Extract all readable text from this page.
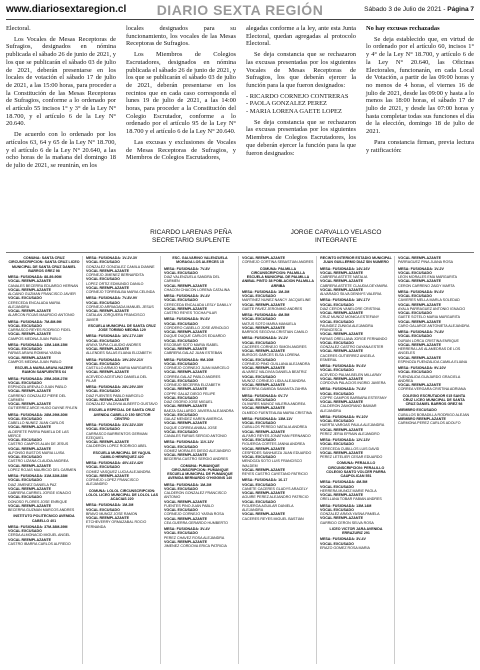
www.diariosextaregion.cl	DIARIO SEXTA REGIÓN	Sábado 3 de Julio de 2021 - Página 7

Electoral.

Los Vocales de Mesas Receptoras de Sufragios, designados en nómina publicada el sábado 26 de junio de 2021, y los que se publicarán el sábado 03 de julio de 2021, deberán presentarse en los locales de votación el sábado 17 de julio de 2021, a las 15:00 horas, para proceder a la Constitución de las Mesas Receptoras de Sufragios, conforme a lo ordenado por el artículo 55 incisos 1° y 3° de la Ley N° 18.700, y el artículo 6 de la Ley N° 20.640.

De acuerdo con lo ordenado por los artículos 63, 64 y 65 de la Ley N° 18.700, y el artículo 6 de la Ley N° 20.640, a las ocho horas de la mañana del domingo 18 de julio de 2021, se reunirán, en los

locales designados para su funcionamiento, los vocales de las Mesas Receptoras de Sufragios.

Los Miembros de Colegios Escrutadores, designados en nómina publicada el sábado 26 de junio de 2021, y los que se publicarán el sábado 03 de julio de 2021, deberán presentarse en los recintos que en cada caso corresponda el lunes 19 de julio de 2021, a las 14:00 horas, para proceder a la Constitución del Colegio Escrutador, conforme a lo ordenado por el artículo 95 de la Ley N° 18.700 y el artículo 6 de la Ley N° 20.640.

Las excusas y exclusiones de Vocales de Mesas Receptoras de Sufragios, y Miembros de Colegios Escrutadores,

alegadas conforme a la ley, ante esta Junta Electoral, quedan agregadas al protocolo Electoral.

Se deja constancia que se rechazaron las excusas presentadas por los siguientes Vocales de Mesas Receptoras de Sufragios, los que deberán ejercer la función para la que fueron designados:

- RICARDO CORNEJO CONTRERAS
- PAOLA GONZALEZ PEREZ
- MARIA LORENA GAETE LOPEZ

Se deja constancia que se rechazaron las excusas presentadas por los siguientes Miembros de Colegios Escrutadores, los que deberán ejercer la función para la que fueron designados:

No hay excusas rechazadas

Se deja establecido que, en virtud de lo ordenado por el artículo 60, incisos 1° y 4° de la Ley N° 18.700, y artículo 6 de la Ley N° 20.640, las Oficinas Electorales, funcionarán, en cada Local de Votación, a partir de las 09:00 horas y no menos de 4 horas, el viernes 16 de julio de 2021, desde las 09:00 y hasta a lo menos las 18:00 horas, el sábado 17 de julio de 2021, y desde las 07:00 horas y hasta completar todas sus funciones el día de la elección, domingo 18 de julio de 2021.

Para constancia firman, previa lectura y ratificación:

RICARDO LARENAS PEÑA
SECRETARIO SUPLENTE
JORGE CARVALLO VELASCO
INTEGRANTE
COMUNA: SANTA CRUZ CIRCUNSCRIPCION: SANTA CRUZ LICEO MUNICIPAL DE SANTA CRUZ DANIEL BARROS GREZ 98
MESA: FUSIONADA: 88-89-90M
VOCAL REEMPLAZANTE
CANALES BECERRA EDUARDO HERNAN
VOCAL REEMPLAZANTE
ALCAINO GUZMAN FRANCISCO JAVIER
VOCAL EXCUSADO
CERECEDA ENCALADA MARIA ALEJANDRA
VOCAL REEMPLAZANTE
ALARCON ROJAS MAURICIO ANTONIO
MESA: FUSIONADA: 7M-8M-9M
VOCAL EXCUSADO
CARRASCO REYES RODRIGO FIDEL
VOCAL REEMPLAZANTE
CAMPOS MEDINA JUAN PABLO
MESA: FUSIONADA: 13M-14M-15M
VOCAL EXCUSADO
FARIAS ARAYA ROMINA YASNA
VOCAL REEMPLAZANTE
CAMPOS MEDINA JUAN PABLO
ESCUELA MARIA ARAYA NAZERE RAMON SANFUENTES 64
MESA: FUSIONADA: 25M-26M-27M
VOCAL EXCUSADO
ESPINOZA AREVALO JUAN PABLO
VOCAL REEMPLAZANTE
CARRENO GONZALEZ PIERE DEL CARMEN
VOCAL REEMPLAZANTE
GUTIERREZ ARCE HUGO DAYNE RYLEN
MESA: FUSIONADA: 28M-29M-30M
VOCAL EXCUSADO
CABELLO NUNEZ JUAN CARLOS
VOCAL REEMPLAZANTE
ALDERETE PARRA PAMELA DE LAS MERCE
VOCAL EXCUSADO
CASTRO CAMPOS ALAN DE JESUS
VOCAL REEMPLAZANTE
ALFONSO BUSTOS MARIA LUISA
VOCAL EXCUSADO
CASTRO LIZANA CLAUDIA ANDREA
VOCAL REEMPLAZANTE
LOPEZ ROJAS MAURICIO DEL CARMEN
MESA: FUSIONADA: 31M-32M-33M
VOCAL EXCUSADO
DIAZ JIMENEZ DANIELA PAZ
VOCAL REEMPLAZANTE
CABRERA CARRIEL JORGE IGNACIO
VOCAL EXCUSADO
DONOSO FLORES JOSE ENRIQUE
VOCAL REEMPLAZANTE
BECERRA GUZMAN MARCOS ANDRES
INSTITUTO POLITECNICO AVENIDA CABELLO 401
MESA: FUSIONADA: 37M-38M-39M
VOCAL EXCUSADO
CERDA ALMONACID MIGUEL ANGEL
VOCAL REEMPLAZANTE
CASTRO IBARRA CARLOS ALFREDO
MESA: FUSIONADA: 1V-2V-3V
VOCAL EXCUSADO
GONZALEZ GONZALEZ CAMILA DIANNE
VOCAL REEMPLAZANTE
CORNEJO JIMENEZ BERNARDITA
VOCAL EXCUSADO
LOPEZ ORTIZ EDMUNDO DANILO
VOCAL REEMPLAZANTE
CORNEJO TORREALBA MARIA CELINDA
MESA: FUSIONADA: 7V-8V-9V
VOCAL EXCUSADO
CORNEJO ARRIAGADA MANUEL JESUS
VOCAL REEMPLAZANTE
CATALAN JORQUERA FRANCISCO JAVIER
ESCUELA MUNICIPAL DE SANTA CRUZ JOSE TORIBIO MEDINA 129
MESA: FUSIONADA: 16V-17V-18V
VOCAL EXCUSADO
ARAYA TAPIA CLAUDIO ANDRES
VOCAL REEMPLAZANTE
ALLENDES SALAS ELIANA ELIZABETH
MESA: FUSIONADA: 19V-20V-21V
VOCAL EXCUSADO
CASTILLO ARMIJO MARIA MARGARITA
VOCAL REEMPLAZANTE
ACEVEDO ACEITUNO DANIELA DEL PILAR
MESA: FUSIONADA: 28V-29V-30V
VOCAL EXCUSADO
DIAZ FUENTES PABLO MARCELO
VOCAL REEMPLAZANTE
GONZALEZ VALDIVIA ALBERTO GUSTAVO
ESCUELA ESPECIAL DE SANTA CRUZ AVENIDA CABELLO 150 SECTOR CENTRO
MESA: FUSIONADA: 31V-32V-33V
VOCAL EXCUSADO
CARRASCO BARRIENTOS GERMAN EZEQUIEL
VOCAL REEMPLAZANTE
CALDERON LOPEZ RODRIGO ABEL
ESCUELA MUNICIPAL DE YAQUIL CAMILO HENRIQUEZ 420
MESA: FUSIONADA: 40V-41V-42V
VOCAL EXCUSADO
GOMEZ VASQUEZ LUCIA ALEJANDRA
VOCAL REEMPLAZANTE
CORNEJO LOPEZ FRANCISCO ALEJANDRO
COMUNA: LOLOL CIRCUNSCRIPCION: LOLOL LICEO MUNICIPAL DE LOLOL LAS ACACIAS 220
MESA: FUSIONADA: 1M-2M
VOCAL EXCUSADO
BRAVO MUNOZ JOSE RAMON
VOCAL REEMPLAZANTE
ETCHEVERRY ORMAZABAL ROCIO FERNANDA
ESC. GALVARINO VALENZUELA MORAGA LOS ALERCES 15
MESA: FUSIONADA: 7V-8V
VOCAL EXCUSADO
DIAZ VALENZUELA SANDRA DEL CARMEN
VOCAL REEMPLAZANTE
CHACON CHACON LORENA CATALINA
MESA: FUSIONADA: 3V-4V
VOCAL EXCUSADO
CERECEDA ENCALADA LESLY DANILLY
VOCAL REEMPLAZANTE
CASTRO REYES TOCHA PILAR
MESA: FUSIONADA: 5V-6V
VOCAL EXCUSADO
CORDERO CABELLO JOSE ARNOLDO
VOCAL REEMPLAZANTE
DUQUE DUQUE CARLOS EDUARDO
VOCAL EXCUSADO
ESCOBAR SOTO MARIA ISABEL
VOCAL REEMPLAZANTE
CABRERA GALAZ JUAN ESTEBAN
MESA: FUSIONADA: 9M-10M
VOCAL EXCUSADO
CORNEJO CORNEJO JUAN MARCELO
VOCAL REEMPLAZANTE
CORREA GALAZ PABLO ANDRES
VOCAL EXCUSADO
CORNEJO BECERRA ELIZABETH
VOCAL REEMPLAZANTE
COPPE GALAZ DIEGO FELIPE
VOCAL EXCUSADO
DIAZ OSORIO JOSE MIGUEL
VOCAL REEMPLAZANTE
BAEZA GALLARDO JAVIERA ALEJANDRA
VOCAL EXCUSADO
GALAZ MENDEZ KAREN AMERICA
VOCAL REEMPLAZANTE
DUQUE CORREA ANIBAL JOSE
VOCAL EXCUSADO
CANALES FARIAS SERGIO ANTONIO
MESA: FUSIONADA: 11V-12V
VOCAL EXCUSADO
GOMEZ MORALES DIEGO ALEJANDRO
VOCAL REEMPLAZANTE
BECERRA CASTRO SERGIO ANDRES
COMUNA: PUMANQUE CIRCUNSCRIPCION: PUMANQUE ESCUELA MUNICIPAL DE PUMANQUE AVENIDA BERNARDO O'HIGGINS 140
MESA: FUSIONADA: 1M-2M
VOCAL EXCUSADO
CALDERON GONZALEZ FRANCISCO ANTONIO
VOCAL REEMPLAZANTE
FUENTES PINO JUAN PABLO
VOCAL EXCUSADO
CORNEJO CORNEJO YASNA ROSA
VOCAL REEMPLAZANTE
CEA GUERRA GERARDO HUMBERTO
MESA: FUSIONADA: 3V-4V
VOCAL EXCUSADO
PEREZ CHAVEZ ROSA ALEJANDRA
VOCAL REEMPLAZANTE
JIMENEZ CORDOVA ERICA PATRICIA
VOCAL REEMPLAZANTE
CORNEJO CORTINA SEBASTIAN ANDRES
COMUNA: PALMILLA CIRCUNSCRIPCION: PALMILLA ESCUELA MUNICIPAL DE PALMILLA ANIBAL PINTO 38 POBLACION PALMILLA ARRIBA
MESA: FUSIONADA: 1M-2M
VOCAL EXCUSADO
MARTINEZ NUNEZ NANCY JACQUELINE
VOCAL REEMPLAZANTE
GAETE PAVEZ JERONIMO ANDRES
MESA: FUSIONADA: 4M-5M
VOCAL EXCUSADO
MATUS SOTO MARIA MANUELA
VOCAL REEMPLAZANTE
BARRIOS SEGOVIA CRISTIAN CAMILO
MESA: FUSIONADA: 1V-2V
VOCAL EXCUSADO
CACERES CORNEJO SIMON ANDRES
VOCAL REEMPLAZANTE
BURGOS GARCES ELSA LORENA
VOCAL EXCUSADO
CORNEJO PINO GUILLANA ALEJANDRA
VOCAL REEMPLAZANTE
ALVAREZ VALDIVIA DANIELA BEATRIZ
VOCAL EXCUSADO
MUNOZ CORNEJO LIDIA ALEJANDRA
VOCAL REEMPLAZANTE
BECERRA GAMBOA SAMANTA ZAHRA
MESA: FUSIONADA: 6V-7V
VOCAL EXCUSADO
OLIVARES MUNOZ VALERIA ANDREA
VOCAL REEMPLAZANTE
OLMEDO FUENTEALBA MARIA CRISTINA
MESA: FUSIONADA: 13M-11V
VOCAL EXCUSADO
CUBILLOS PEREDO NATALIA ANDREA
VOCAL REEMPLAZANTE
ALFARO REYES JONATHAN FERNANDO
VOCAL EXCUSADO
FIGUEROA CORTES JANNA ANDREA
VOCAL REEMPLAZANTE
CESPEDES SANHUEZA JUAN EDUARDO
VOCAL EXCUSADO
MENDOZA SOTO LUIS FRANCISCO WALDEM
VOCAL REEMPLAZANTE
REYES CASTRO CAYETANO PATRICIO
MESA: FUSIONADA: 16-17
VOCAL EXCUSADO
CANETE CACERES GLADYS ARACELY
VOCAL REEMPLAZANTE
AGUIRE PEREZ ALEJANDRO PATRICIO
VOCAL EXCUSADO
FIGUEROA AGUILAR DANIELA ALEJANDRA
VOCAL REEMPLAZANTE
CACERES REYES MIGUEL BASTIAN
RECINTO INTERIOR ESTADIO MUNICIPAL JUAN GUILLERMO DIAZ SIN NUMERO
MESA: FUSIONADA: 14V-16V
VOCAL REEMPLAZANTE
CABRERA ASTETE NATALIA
VOCAL REEMPLAZANTE
CABRERA ASTETE CLAUDIA DEYANIRA
VOCAL REEMPLAZANTE
ALVARADO SILVA DENNYS VALERIA
MESA: FUSIONADA: 18V-17V
VOCAL EXCUSADO
DIAZ CERON VANELORE CRISTINA
VOCAL REEMPLAZANTE
CRUZ MUNOZ MONICA ESTEFANY
VOCAL EXCUSADO
FAUNDEZ ZUNIGA ALEJANDRA FRANCESCA
VOCAL REEMPLAZANTE
FARIAS ORELLANA JORGE FERNANDO
VOCAL EXCUSADO
GONZALEZ CASTRO DAYANA ESTER
VOCAL REEMPLAZANTE
CACERES GUTIERREZ ANGELA ESMERAL
MESA: FUSIONADA: 5V-6V
VOCAL EXCUSADO
ACEVEDO PALMA BELEN MILLARAY
VOCAL REEMPLAZANTE
CORDOVA PALACIOS INGRID JAVIERA
MESA: FUSIONADA: 7V-8V
VOCAL EXCUSADO
COPPE CAMPOS BARBARA ESTEFANY
VOCAL REEMPLAZANTE
CALDERON ZAMORANO BAIMAR ALEJANDRA
MESA: FUSIONADA: 9V-10V
VOCAL EXCUSADO
HUERTA VARGAS PAULA ALEJANDRA
VOCAL REEMPLAZANTE
PEREZ JERIA EFRAIN ALEJANDRO
MESA: FUSIONADA: 12V-13V
VOCAL EXCUSADO
CERECEDA CUBILLOS LUIS DAVID
VOCAL REEMPLAZANTE
PEREZ LETELIER CESAR EDUARDO
COMUNA: PERALILLO CIRCUNSCRIPCION: PERALILLO COLEGIO SANTO VOLCER PARRA CAUPOLICAN 551
MESA: FUSIONADA: 4M-5M
VOCAL EXCUSADO
HERRERA MUNOZ MARIE PAOLA
VOCAL REEMPLAZANTE
ORELLANA TOBAR FABIAN ANDRES
MESA: FUSIONADA: 13M-14M
VOCAL EXCUSADO
GONZALEZ ARAYA YASNA PAMELA
VOCAL REEMPLAZANTE
GARRIDO CERON SELVA ROSA
LICEO VICTOR JARA AVENIDA ERRAZURIZ 291
MESA: FUSIONADA: 3V-4V
VOCAL EXCUSADO
ERAZO GOMEZ ROSA MARIA
VOCAL REEMPLAZANTE
PARRAGUEZ PINA JUANA ROSA
MESA: FUSIONADA: 1V-2V
VOCAL EXCUSADO
LEON MORALES EMA MARGARITA
VOCAL REEMPLAZANTE
CERON CARRENO ZAIDY MARTA
MESA: FUSIONADA: 5V-6V
VOCAL EXCUSADO
CAVIERES MELLA MARLA SOLEDAD
VOCAL REEMPLAZANTE
AYALA PARRAGUEZ ANTONIO IGNACIO
VOCAL EXCUSADO
GAETE SOTELO MARIA MARGARITA
VOCAL REEMPLAZANTE
CARO GALARCE ANTONIETA ALEJANDRA
MESA: FUSIONADA: 7V-8V
VOCAL EXCUSADO
DURAN LORCA CRISTINA ENRIQUE
VOCAL REEMPLAZANTE
HERRERA LAS ALAMEDRAS DE LOS ANGELES
VOCAL REEMPLAZANTE
ESPINOZA FUENZALIDA CAMILA ELIANA
MESA: FUSIONADA: 9V-10V
VOCAL EXCUSADO
FUENZALIDA GUAJARDO GRACIELA ANDREA
VOCAL REEMPLAZANTE
CORREA VERGARA CRISTINA ADRIANA
COLEGIO ESCRUTADOR 015 SANTA CRUZ LICEO MUNICIPAL DE SANTA CRUZ DANIEL BARROS GREZ 98
MIEMBRO EXCUSADO
CUBILLOS BOBADILLA RODRIGO ALEJAN
MIEMBRO REEMPLAZANTE
CARMONA PEREZ CARLOS ADOLFO
